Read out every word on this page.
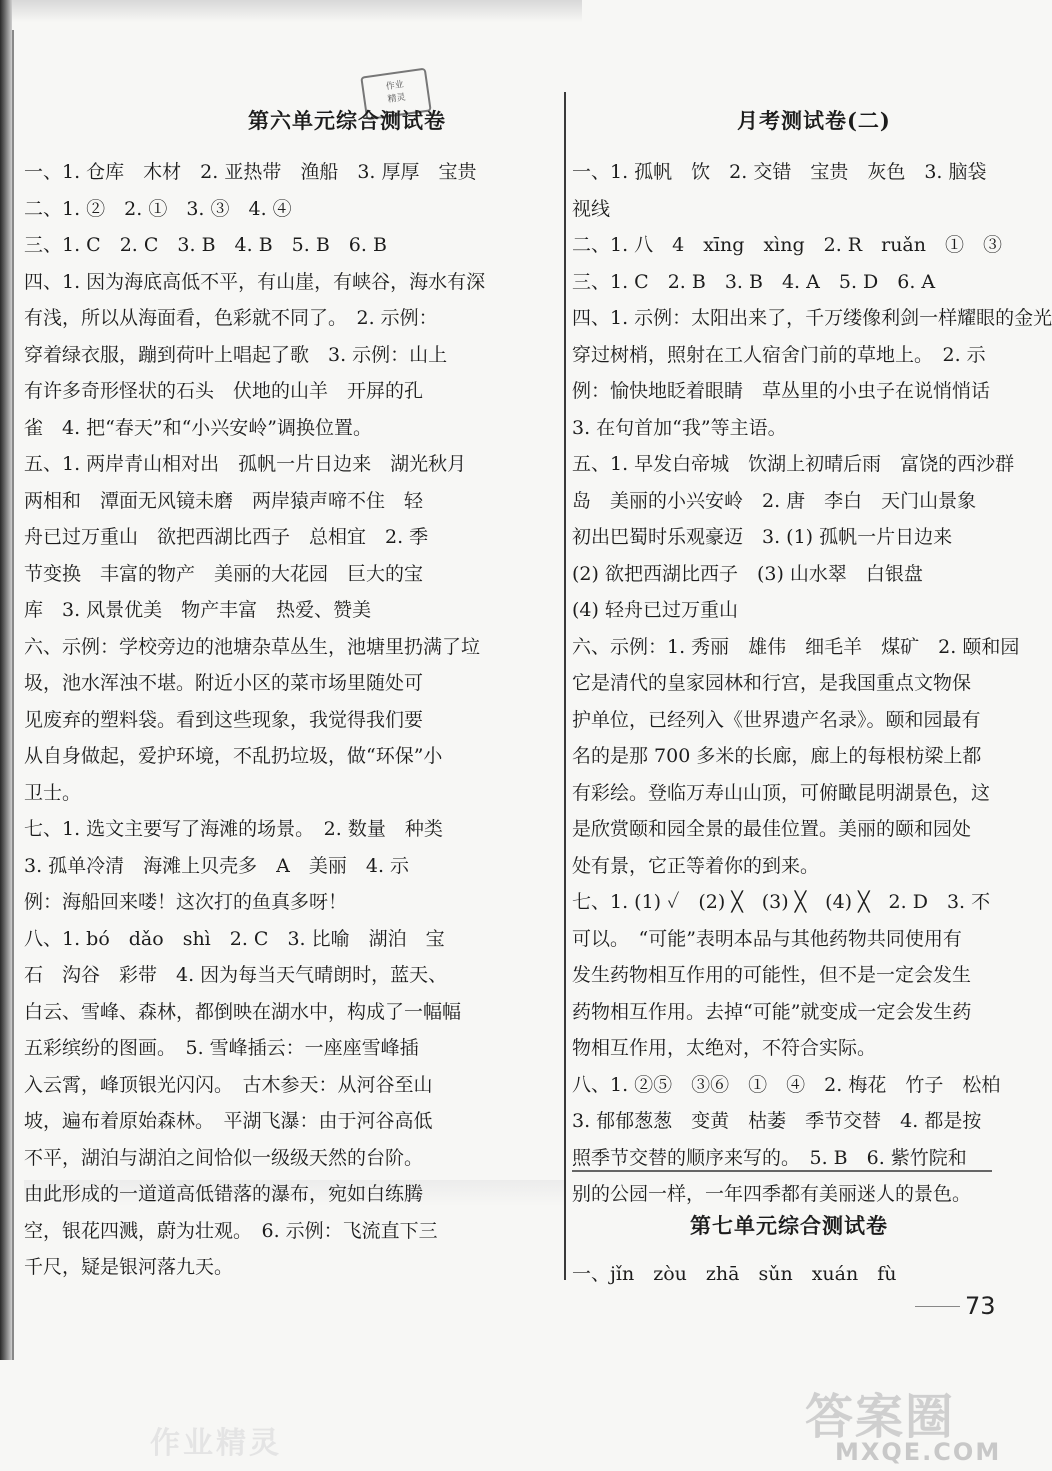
作业
精灵
第六单元综合测试卷
一、1. 仓库　木材　2. 亚热带　渔船　3. 厚厚　宝贵
二、1. ②　2. ①　3. ③　4. ④
三、1. C　2. C　3. B　4. B　5. B　6. B
四、1. 因为海底高低不平，有山崖，有峡谷，海水有深
有浅，所以从海面看，色彩就不同了。　2. 示例：
穿着绿衣服，蹦到荷叶上唱起了歌　3. 示例：山上
有许多奇形怪状的石头　伏地的山羊　开屏的孔
雀　4. 把“春天”和“小兴安岭”调换位置。
五、1. 两岸青山相对出　孤帆一片日边来　湖光秋月
两相和　潭面无风镜未磨　两岸猿声啼不住　轻
舟已过万重山　欲把西湖比西子　总相宜　2. 季
节变换　丰富的物产　美丽的大花园　巨大的宝
库　3. 风景优美　物产丰富　热爱、赞美
六、示例：学校旁边的池塘杂草丛生，池塘里扔满了垃
圾，池水浑浊不堪。附近小区的菜市场里随处可
见废弃的塑料袋。看到这些现象，我觉得我们要
从自身做起，爱护环境，不乱扔垃圾，做“环保”小
卫士。
七、1. 选文主要写了海滩的场景。　2. 数量　种类
3. 孤单冷清　海滩上贝壳多　A　美丽　4. 示
例：海船回来喽！这次打的鱼真多呀！
八、1. bó　dǎo　shì　2. C　3. 比喻　湖泊　宝
石　沟谷　彩带　4. 因为每当天气晴朗时，蓝天、
白云、雪峰、森林，都倒映在湖水中，构成了一幅幅
五彩缤纷的图画。　5. 雪峰插云：一座座雪峰插
入云霄，峰顶银光闪闪。　古木参天：从河谷至山
坡，遍布着原始森林。　平湖飞瀑：由于河谷高低
不平，湖泊与湖泊之间恰似一级级天然的台阶。
由此形成的一道道高低错落的瀑布，宛如白练腾
空，银花四溅，蔚为壮观。　6. 示例：飞流直下三
千尺，疑是银河落九天。
月考测试卷(二)
一、1. 孤帆　饮　2. 交错　宝贵　灰色　3. 脑袋
视线
二、1. 八　4　xīng　xìng　2. R　ruǎn　①　③
三、1. C　2. B　3. B　4. A　5. D　6. A
四、1. 示例：太阳出来了，千万缕像利剑一样耀眼的金光
穿过树梢，照射在工人宿舍门前的草地上。　2. 示
例：愉快地眨着眼睛　草丛里的小虫子在说悄悄话
3. 在句首加“我”等主语。
五、1. 早发白帝城　饮湖上初晴后雨　富饶的西沙群
岛　美丽的小兴安岭　2. 唐　李白　天门山景象
初出巴蜀时乐观豪迈　3. (1) 孤帆一片日边来
(2) 欲把西湖比西子　(3) 山水翠　白银盘
(4) 轻舟已过万重山
六、示例：1. 秀丽　雄伟　细毛羊　煤矿　2. 颐和园
它是清代的皇家园林和行宫，是我国重点文物保
护单位，已经列入《世界遗产名录》。颐和园最有
名的是那 700 多米的长廊，廊上的每根枋梁上都
有彩绘。登临万寿山山顶，可俯瞰昆明湖景色，这
是欣赏颐和园全景的最佳位置。美丽的颐和园处
处有景，它正等着你的到来。
七、1. (1) ✓　(2) ╳　(3) ╳　(4) ╳　2. D　3. 不
可以。　“可能”表明本品与其他药物共同使用有
发生药物相互作用的可能性，但不是一定会发生
药物相互作用。去掉“可能”就变成一定会发生药
物相互作用，太绝对，不符合实际。
八、1. ②⑤　③⑥　①　④　2. 梅花　竹子　松柏
3. 郁郁葱葱　变黄　枯萎　季节交替　4. 都是按
照季节交替的顺序来写的。　5. B　6. 紫竹院和
别的公园一样，一年四季都有美丽迷人的景色。
第七单元综合测试卷
一、jǐn　zòu　zhā　sǔn　xuán　fù
73
作业精灵	答案圈
MXQE.COM
